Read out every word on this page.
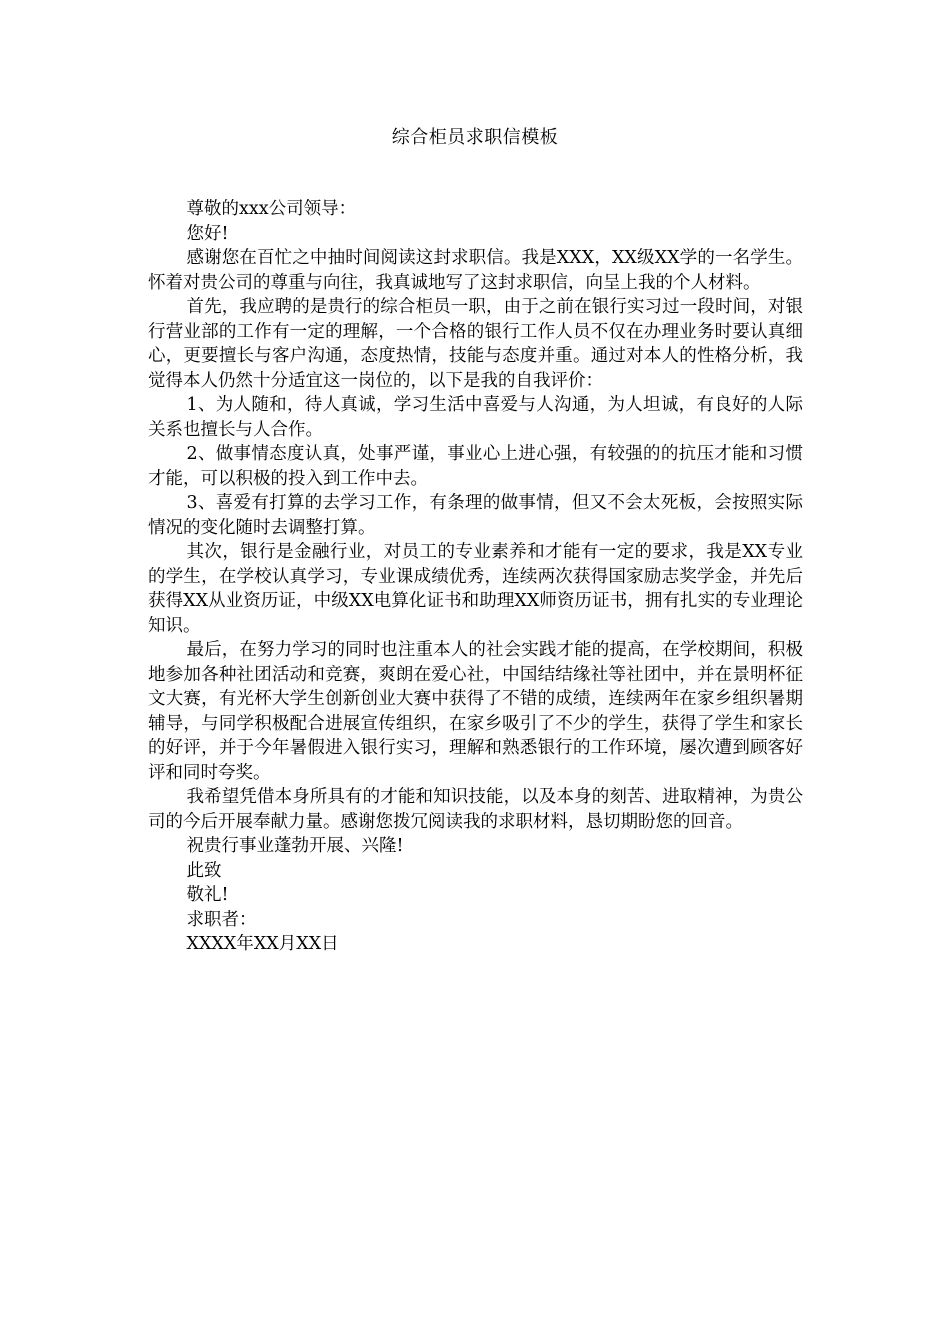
综合柜员求职信模板

尊敬的xxx公司领导：

您好!

感谢您在百忙之中抽时间阅读这封求职信。我是XXX，XX级XX学的一名学生。怀着对贵公司的尊重与向往，我真诚地写了这封求职信，向呈上我的个人材料。

首先，我应聘的是贵行的综合柜员一职，由于之前在银行实习过一段时间，对银行营业部的工作有一定的理解，一个合格的银行工作人员不仅在办理业务时要认真细心，更要擅长与客户沟通，态度热情，技能与态度并重。通过对本人的性格分析，我觉得本人仍然十分适宜这一岗位的，以下是我的自我评价：

1、为人随和，待人真诚，学习生活中喜爱与人沟通，为人坦诚，有良好的人际关系也擅长与人合作。

2、做事情态度认真，处事严谨，事业心上进心强，有较强的的抗压才能和习惯才能，可以积极的投入到工作中去。

3、喜爱有打算的去学习工作，有条理的做事情，但又不会太死板，会按照实际情况的变化随时去调整打算。

其次，银行是金融行业，对员工的专业素养和才能有一定的要求，我是XX专业的学生，在学校认真学习，专业课成绩优秀，连续两次获得国家励志奖学金，并先后获得XX从业资历证，中级XX电算化证书和助理XX师资历证书，拥有扎实的专业理论知识。

最后，在努力学习的同时也注重本人的社会实践才能的提高，在学校期间，积极地参加各种社团活动和竞赛，爽朗在爱心社，中国结结缘社等社团中，并在景明杯征文大赛，有光杯大学生创新创业大赛中获得了不错的成绩，连续两年在家乡组织暑期辅导，与同学积极配合进展宣传组织，在家乡吸引了不少的学生，获得了学生和家长的好评，并于今年暑假进入银行实习，理解和熟悉银行的工作环境，屡次遭到顾客好评和同时夸奖。

我希望凭借本身所具有的才能和知识技能，以及本身的刻苦、进取精神，为贵公司的今后开展奉献力量。感谢您拨冗阅读我的求职材料，恳切期盼您的回音。

祝贵行事业蓬勃开展、兴隆!

此致

敬礼!

求职者：

XXXX年XX月XX日
